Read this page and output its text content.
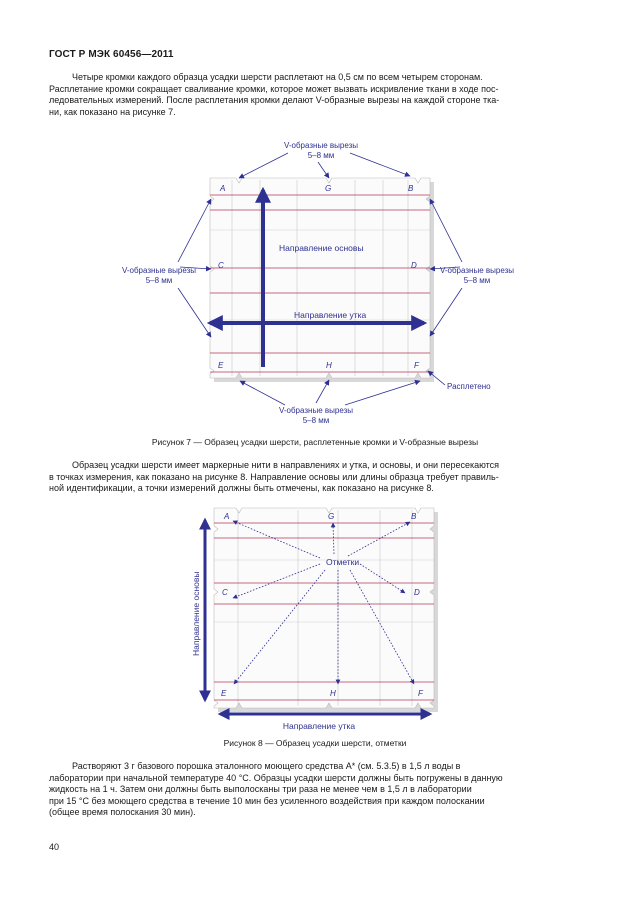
ГОСТ Р МЭК 60456—2011

Четыре кромки каждого образца усадки шерсти расплетают на 0,5 см по всем четырем сторонам.
Расплетание кромки сокращает сваливание кромки, которое может вызвать искривление ткани в ходе пос-
ледовательных измерений. После расплетания кромки делают V-образные вырезы на каждой стороне тка-
ни, как показано на рисунке 7.

A	G	B
C	D
E	H	F
Направление основы
Направление утка
V-образные вырезы
5–8 мм
V-образные вырезы
5–8 мм
V-образные вырезы
5–8 мм
V-образные вырезы
5–8 мм
Расплетено
Рисунок 7 — Образец усадки шерсти, расплетенные кромки и V-образные вырезы

Образец усадки шерсти имеет маркерные нити в направлениях и утка, и основы, и они пересекаются
в точках измерения, как показано на рисунке 8. Направление основы или длины образца требует правиль-
ной идентификации, а точки измерений должны быть отмечены, как показано на рисунке 8.

A	G	B
C	D
E	H	F
Отметки
Направление основы
Направление утка
Рисунок 8 — Образец усадки шерсти, отметки

Растворяют 3 г базового порошка эталонного моющего средства A* (см. 5.3.5) в 1,5 л воды в
лаборатории при начальной температуре 40 °С. Образцы усадки шерсти должны быть погружены в данную
жидкость на 1 ч. Затем они должны быть выполосканы три раза не менее чем в 1,5 л в лаборатории
при 15 °С без моющего средства в течение 10 мин без усиленного воздействия при каждом полоскании
(общее время полоскания 30 мин).

40
